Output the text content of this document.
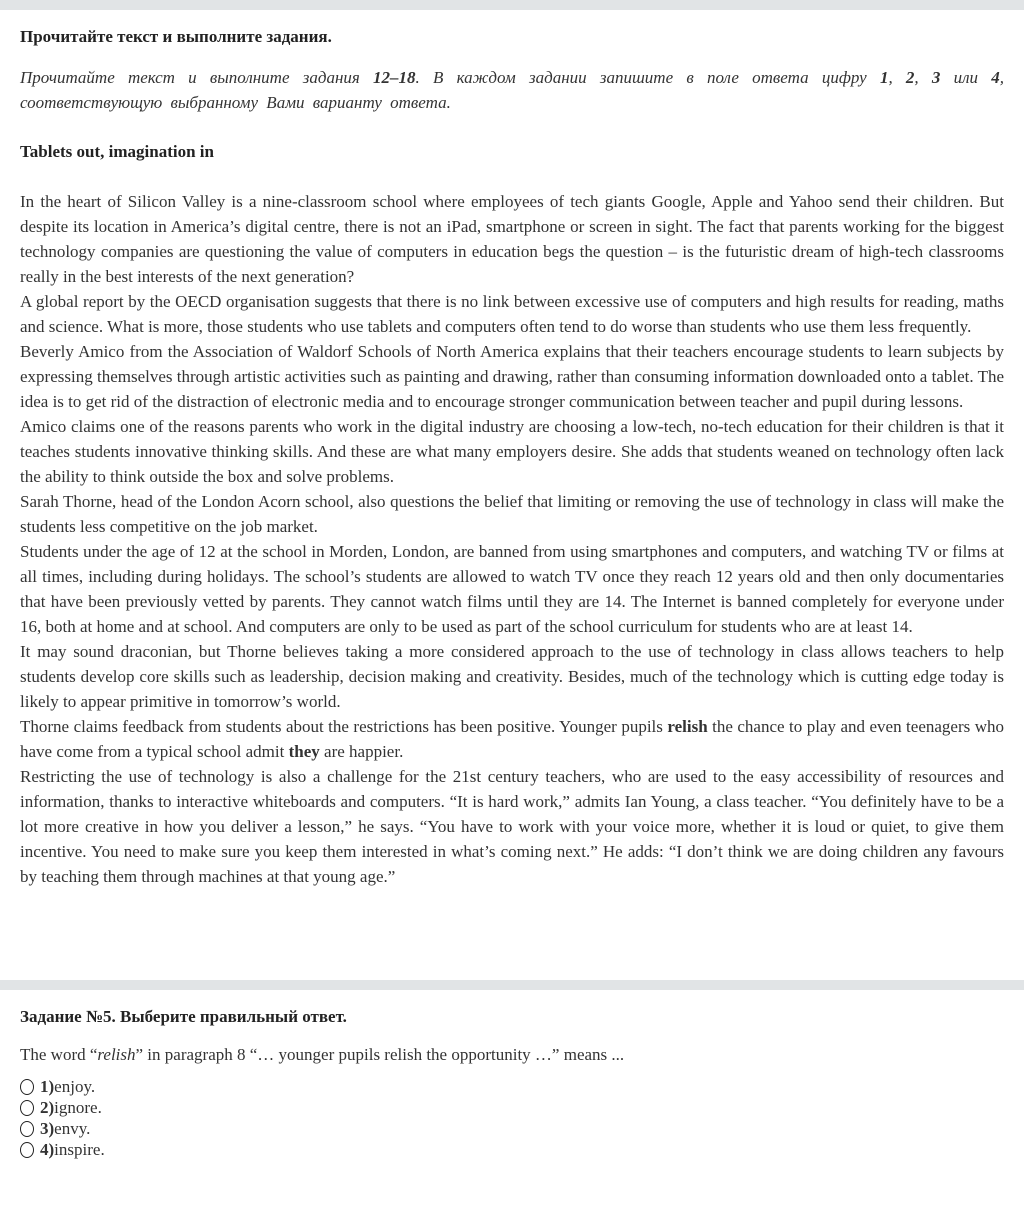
Прочитайте текст и выполните задания.
Прочитайте текст и выполните задания 12–18. В каждом задании запишите в поле ответа цифру 1, 2, 3 или 4, соответствующую выбранному Вами варианту ответа.
Tablets out, imagination in

In the heart of Silicon Valley is a nine-classroom school where employees of tech giants Google, Apple and Yahoo send their children. But despite its location in America’s digital centre, there is not an iPad, smartphone or screen in sight. The fact that parents working for the biggest technology companies are questioning the value of computers in education begs the question – is the futuristic dream of high-tech classrooms really in the best interests of the next generation?

A global report by the OECD organisation suggests that there is no link between excessive use of computers and high results for reading, maths and science. What is more, those students who use tablets and computers often tend to do worse than students who use them less frequently.

Beverly Amico from the Association of Waldorf Schools of North America explains that their teachers encourage students to learn subjects by expressing themselves through artistic activities such as painting and drawing, rather than consuming information downloaded onto a tablet. The idea is to get rid of the distraction of electronic media and to encourage stronger communication between teacher and pupil during lessons.

Amico claims one of the reasons parents who work in the digital industry are choosing a low-tech, no-tech education for their children is that it teaches students innovative thinking skills. And these are what many employers desire. She adds that students weaned on technology often lack the ability to think outside the box and solve problems.

Sarah Thorne, head of the London Acorn school, also questions the belief that limiting or removing the use of technology in class will make the students less competitive on the job market.

Students under the age of 12 at the school in Morden, London, are banned from using smartphones and computers, and watching TV or films at all times, including during holidays. The school’s students are allowed to watch TV once they reach 12 years old and then only documentaries that have been previously vetted by parents. They cannot watch films until they are 14. The Internet is banned completely for everyone under 16, both at home and at school. And computers are only to be used as part of the school curriculum for students who are at least 14.

It may sound draconian, but Thorne believes taking a more considered approach to the use of technology in class allows teachers to help students develop core skills such as leadership, decision making and creativity. Besides, much of the technology which is cutting edge today is likely to appear primitive in tomorrow’s world.

Thorne claims feedback from students about the restrictions has been positive. Younger pupils relish the chance to play and even teenagers who have come from a typical school admit they are happier.

Restricting the use of technology is also a challenge for the 21st century teachers, who are used to the easy accessibility of resources and information, thanks to interactive whiteboards and computers. “It is hard work,” admits Ian Young, a class teacher. “You definitely have to be a lot more creative in how you deliver a lesson,” he says. “You have to work with your voice more, whether it is loud or quiet, to give them incentive. You need to make sure you keep them interested in what’s coming next.” He adds: “I don’t think we are doing children any favours by teaching them through machines at that young age.”

Задание №5. Выберите правильный ответ.
The word “relish” in paragraph 8 “… younger pupils relish the opportunity …” means ...
1) enjoy.
2) ignore.
3) envy.
4) inspire.
